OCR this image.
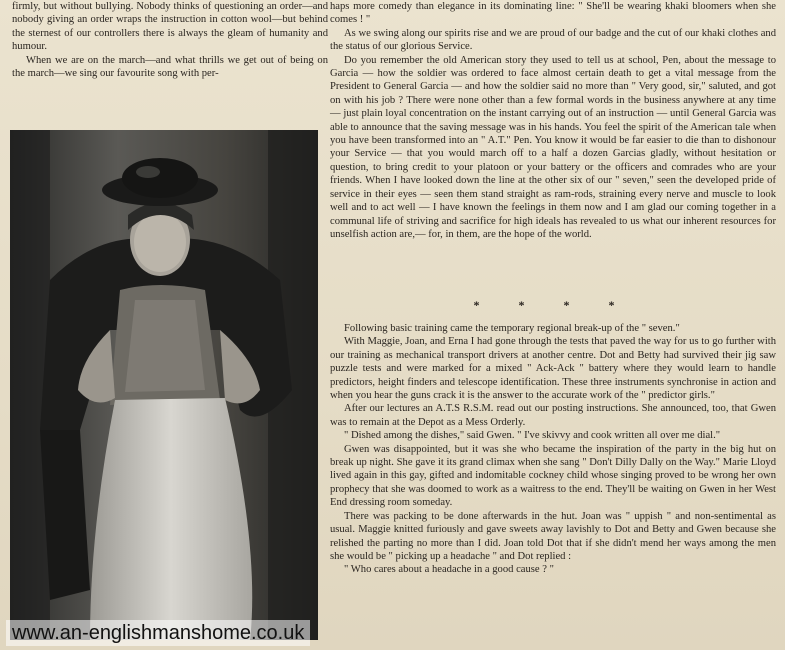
firmly, but without bullying. Nobody thinks of questioning an order—and nobody giving an order wraps the instruction in cotton wool—but behind the sternest of our controllers there is always the gleam of humanity and humour.

When we are on the march—and what thrills we get out of being on the march—we sing our favourite song with per-

haps more comedy than elegance in its dominating line: " She'll be wearing khaki bloomers when she comes ! "

As we swing along our spirits rise and we are proud of our badge and the cut of our khaki clothes and the status of our glorious Service.

Do you remember the old American story they used to tell us at school, Pen, about the message to Garcia — how the soldier was ordered to face almost certain death to get a vital message from the President to General Garcia — and how the soldier said no more than " Very good, sir," saluted, and got on with his job ? There were none other than a few formal words in the business anywhere at any time — just plain loyal concentration on the instant carrying out of an instruction — until General Garcia was able to announce that the saving message was in his hands. You feel the spirit of the American tale when you have been transformed into an " A.T." Pen. You know it would be far easier to die than to dishonour your Service — that you would march off to a half a dozen Garcias gladly, without hesitation or question, to bring credit to your platoon or your battery or the officers and comrades who are your friends. When I have looked down the line at the other six of our " seven," seen the developed pride of service in their eyes — seen them stand straight as ram-rods, straining every nerve and muscle to look well and to act well — I have known the feelings in them now and I am glad our coming together in a communal life of striving and sacrifice for high ideals has revealed to us what our inherent resources for unselfish action are,— for, in them, are the hope of the world.

* * * *

Following basic training came the temporary regional break-up of the " seven."

With Maggie, Joan, and Erna I had gone through the tests that paved the way for us to go further with our training as mechanical transport drivers at another centre. Dot and Betty had survived their jig saw puzzle tests and were marked for a mixed " Ack-Ack " battery where they would learn to handle predictors, height finders and telescope identification. These three instruments synchronise in action and when you hear the guns crack it is the answer to the accurate work of the " predictor girls."

After our lectures an A.T.S R.S.M. read out our posting instructions. She announced, too, that Gwen was to remain at the Depot as a Mess Orderly.

" Dished among the dishes," said Gwen. " I've skivvy and cook written all over me dial."

Gwen was disappointed, but it was she who became the inspiration of the party in the big hut on break up night. She gave it its grand climax when she sang " Don't Dilly Dally on the Way." Marie Lloyd lived again in this gay, gifted and indomitable cockney child whose singing proved to be wrong her own prophecy that she was doomed to work as a waitress to the end. They'll be waiting on Gwen in her West End dressing room someday.

There was packing to be done afterwards in the hut. Joan was " uppish " and non-sentimental as usual. Maggie knitted furiously and gave sweets away lavishly to Dot and Betty and Gwen because she relished the parting no more than I did. Joan told Dot that if she didn't mend her ways among the men she would be " picking up a headache " and Dot replied :

" Who cares about a headache in a good cause ? "

www.an-englishmanshome.co.uk
